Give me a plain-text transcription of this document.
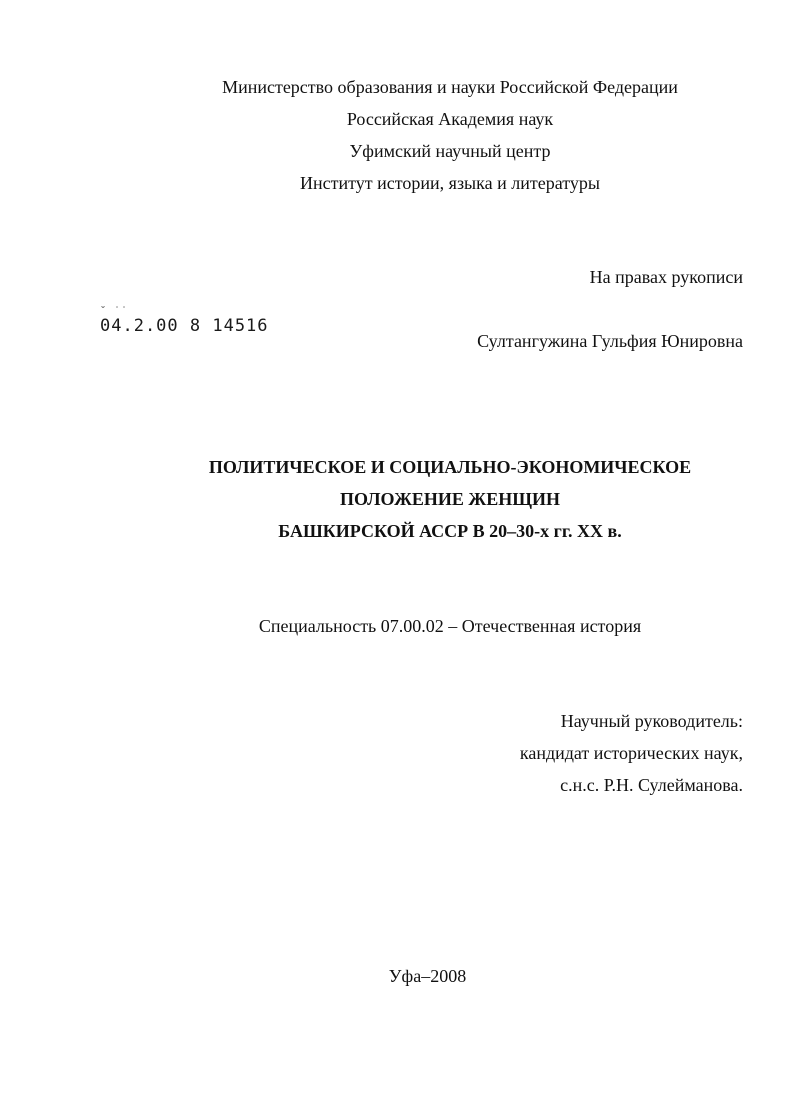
Министерство образования и науки Российской Федерации
Российская Академия наук
Уфимский научный центр
Институт истории, языка и литературы
На правах рукописи
˘ ˙˙
04.2.00 8 14516
Султангужина Гульфия Юнировна
ПОЛИТИЧЕСКОЕ И СОЦИАЛЬНО-ЭКОНОМИЧЕСКОЕ
ПОЛОЖЕНИЕ ЖЕНЩИН
БАШКИРСКОЙ АССР В 20–30-х гг. XX в.
Специальность 07.00.02 – Отечественная история
Научный руководитель:
кандидат исторических наук,
с.н.с. Р.Н. Сулейманова.
Уфа–2008
